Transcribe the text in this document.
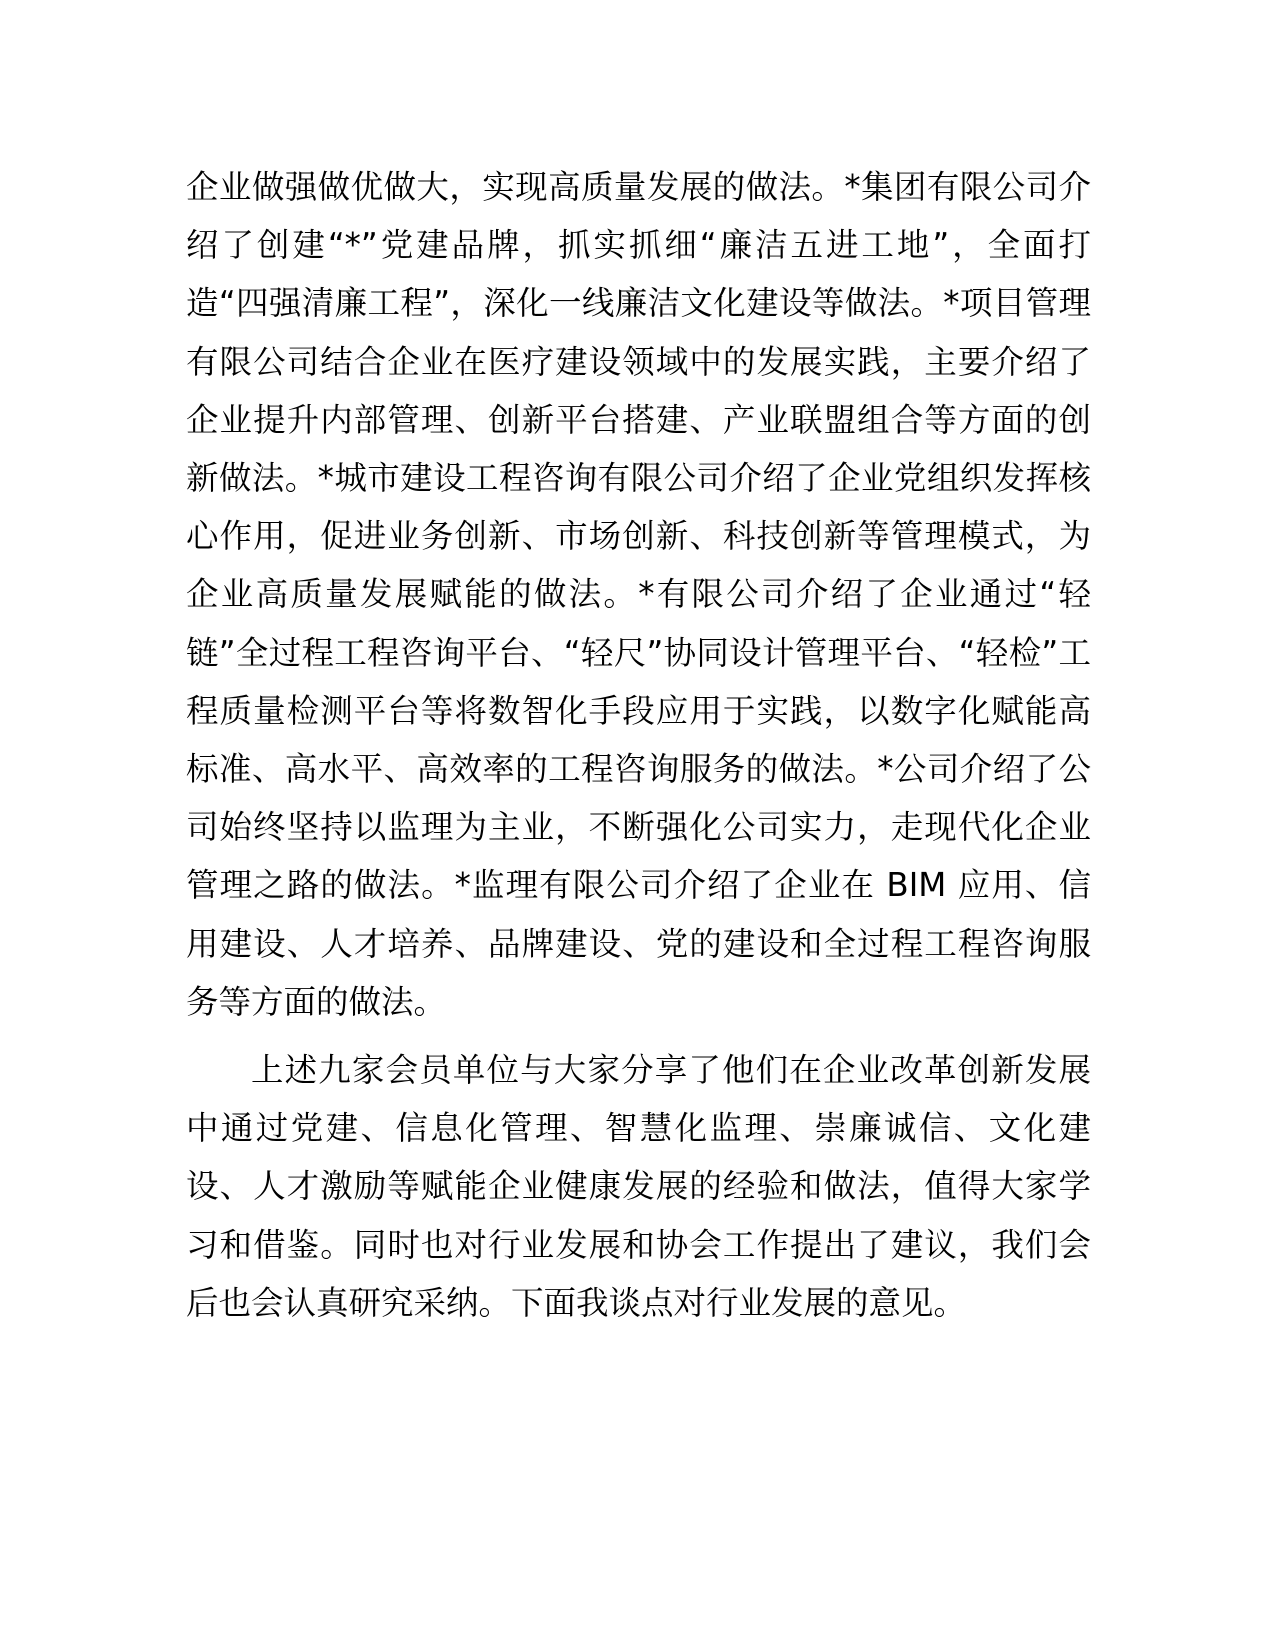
企业做强做优做大，实现高质量发展的做法。*集团有限公司介绍了创建“*”党建品牌，抓实抓细“廉洁五进工地”，全面打造“四强清廉工程”，深化一线廉洁文化建设等做法。*项目管理有限公司结合企业在医疗建设领域中的发展实践，主要介绍了企业提升内部管理、创新平台搭建、产业联盟组合等方面的创新做法。*城市建设工程咨询有限公司介绍了企业党组织发挥核心作用，促进业务创新、市场创新、科技创新等管理模式，为企业高质量发展赋能的做法。*有限公司介绍了企业通过“轻链”全过程工程咨询平台、“轻尺”协同设计管理平台、“轻检”工程质量检测平台等将数智化手段应用于实践，以数字化赋能高标准、高水平、高效率的工程咨询服务的做法。*公司介绍了公司始终坚持以监理为主业，不断强化公司实力，走现代化企业管理之路的做法。*监理有限公司介绍了企业在 BIM 应用、信用建设、人才培养、品牌建设、党的建设和全过程工程咨询服务等方面的做法。

上述九家会员单位与大家分享了他们在企业改革创新发展中通过党建、信息化管理、智慧化监理、崇廉诚信、文化建设、人才激励等赋能企业健康发展的经验和做法，值得大家学习和借鉴。同时也对行业发展和协会工作提出了建议，我们会后也会认真研究采纳。下面我谈点对行业发展的意见。
